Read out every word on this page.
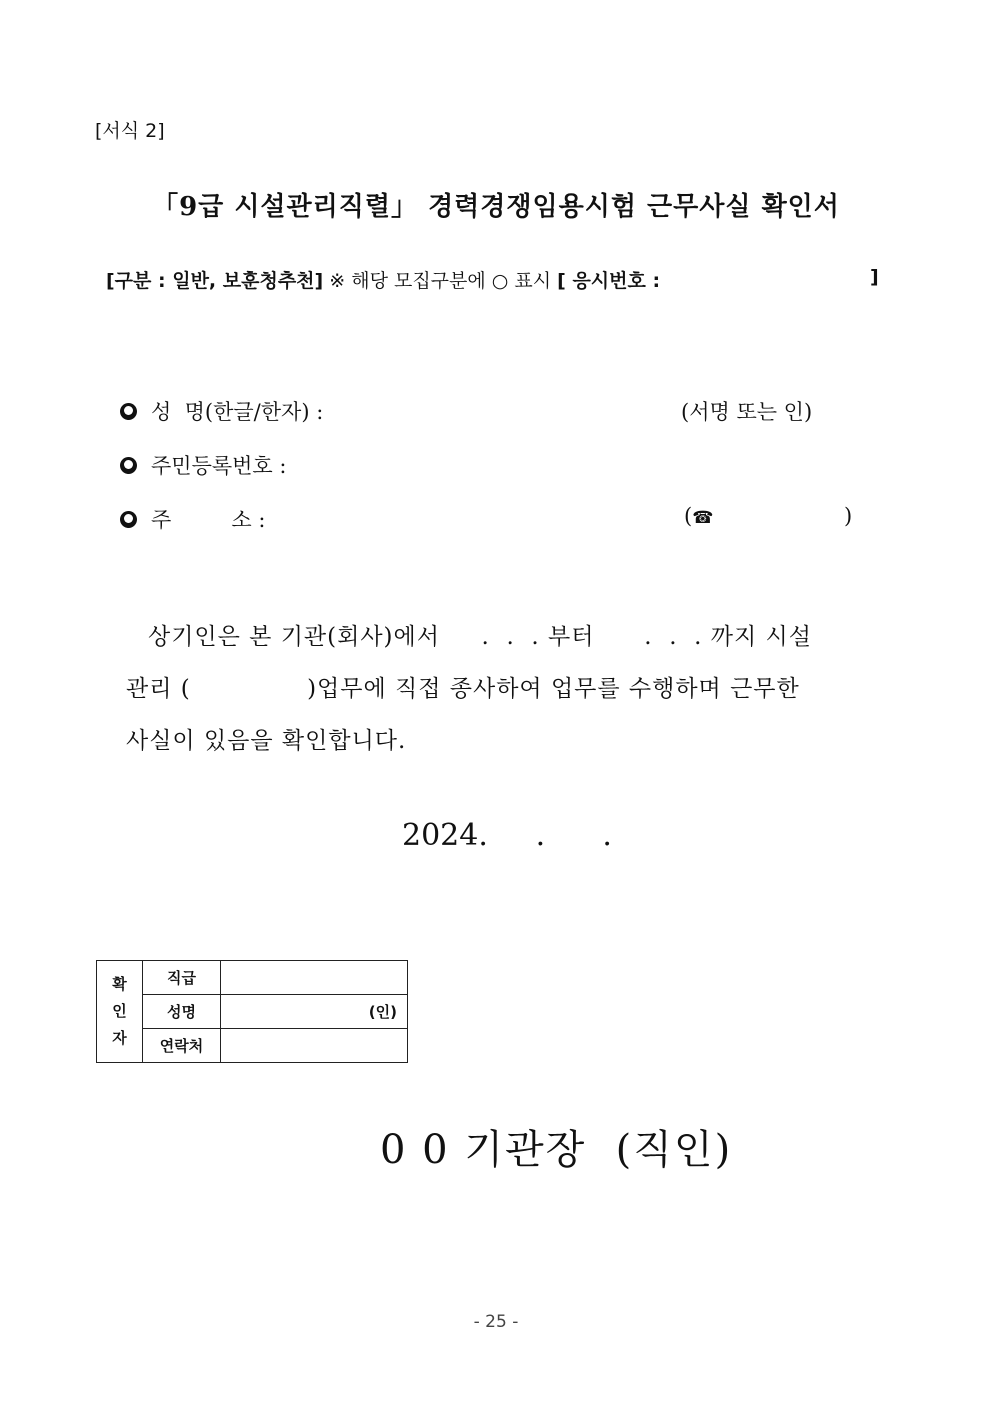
[서식 2]
「9급 시설관리직렬」 경력경쟁임용시험 근무사실 확인서
[구분 : 일반, 보훈청추천] ※ 해당 모집구분에 ○ 표시 [ 응시번호 :	]
성  명(한글/한자) :	(서명 또는 인)
주민등록번호 :
주         소 :	(☎	)
상기인은 본 기관(회사)에서     .  .  . 부터      .  .  . 까지 시설
관리 (              )업무에 직접 종사하여 업무를 수행하며 근무한
사실이 있음을 확인합니다.
2024.     .      .
확
인
자	직급	
	성명	(인)
	연락처	
0 0 기관장  (직인)
- 25 -
